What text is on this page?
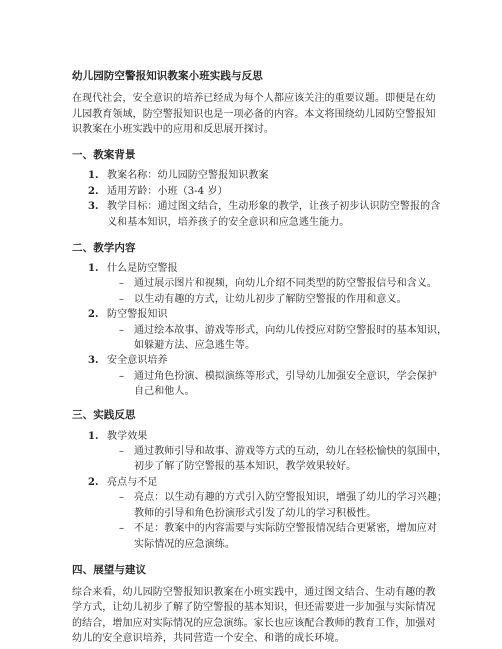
幼儿园防空警报知识教案小班实践与反思
在现代社会，安全意识的培养已经成为每个人都应该关注的重要议题。即便是在幼
儿园教育领域，防空警报知识也是一项必备的内容。本文将围绕幼儿园防空警报知
识教案在小班实践中的应用和反思展开探讨。
一、教案背景
1. 教案名称：幼儿园防空警报知识教案
2. 适用芳龄：小班（3-4 岁）
3. 教学目标：通过图文结合，生动形象的教学，让孩子初步认识防空警报的含
义和基本知识，培养孩子的安全意识和应急逃生能力。
二、教学内容
1. 什么是防空警报
– 通过展示图片和视频，向幼儿介绍不同类型的防空警报信号和含义。
– 以生动有趣的方式，让幼儿初步了解防空警报的作用和意义。
2. 防空警报知识
– 通过绘本故事、游戏等形式，向幼儿传授应对防空警报时的基本知识，
如躲避方法、应急逃生等。
3. 安全意识培养
– 通过角色扮演、模拟演练等形式，引导幼儿加强安全意识，学会保护
自己和他人。
三、实践反思
1. 教学效果
– 通过教师引导和故事、游戏等方式的互动，幼儿在轻松愉快的氛围中，
初步了解了防空警报的基本知识，教学效果较好。
2. 亮点与不足
– 亮点：以生动有趣的方式引入防空警报知识，增强了幼儿的学习兴趣；
教师的引导和角色扮演形式引发了幼儿的学习积极性。
– 不足：教案中的内容需要与实际防空警报情况结合更紧密，增加应对
实际情况的应急演练。
四、展望与建议
综合来看，幼儿园防空警报知识教案在小班实践中，通过图文结合、生动有趣的教
学方式，让幼儿初步了解了防空警报的基本知识，但还需要进一步加强与实际情况
的结合，增加应对实际情况的应急演练。家长也应该配合教师的教育工作，加强对
幼儿的安全意识培养，共同营造一个安全、和谐的成长环境。
